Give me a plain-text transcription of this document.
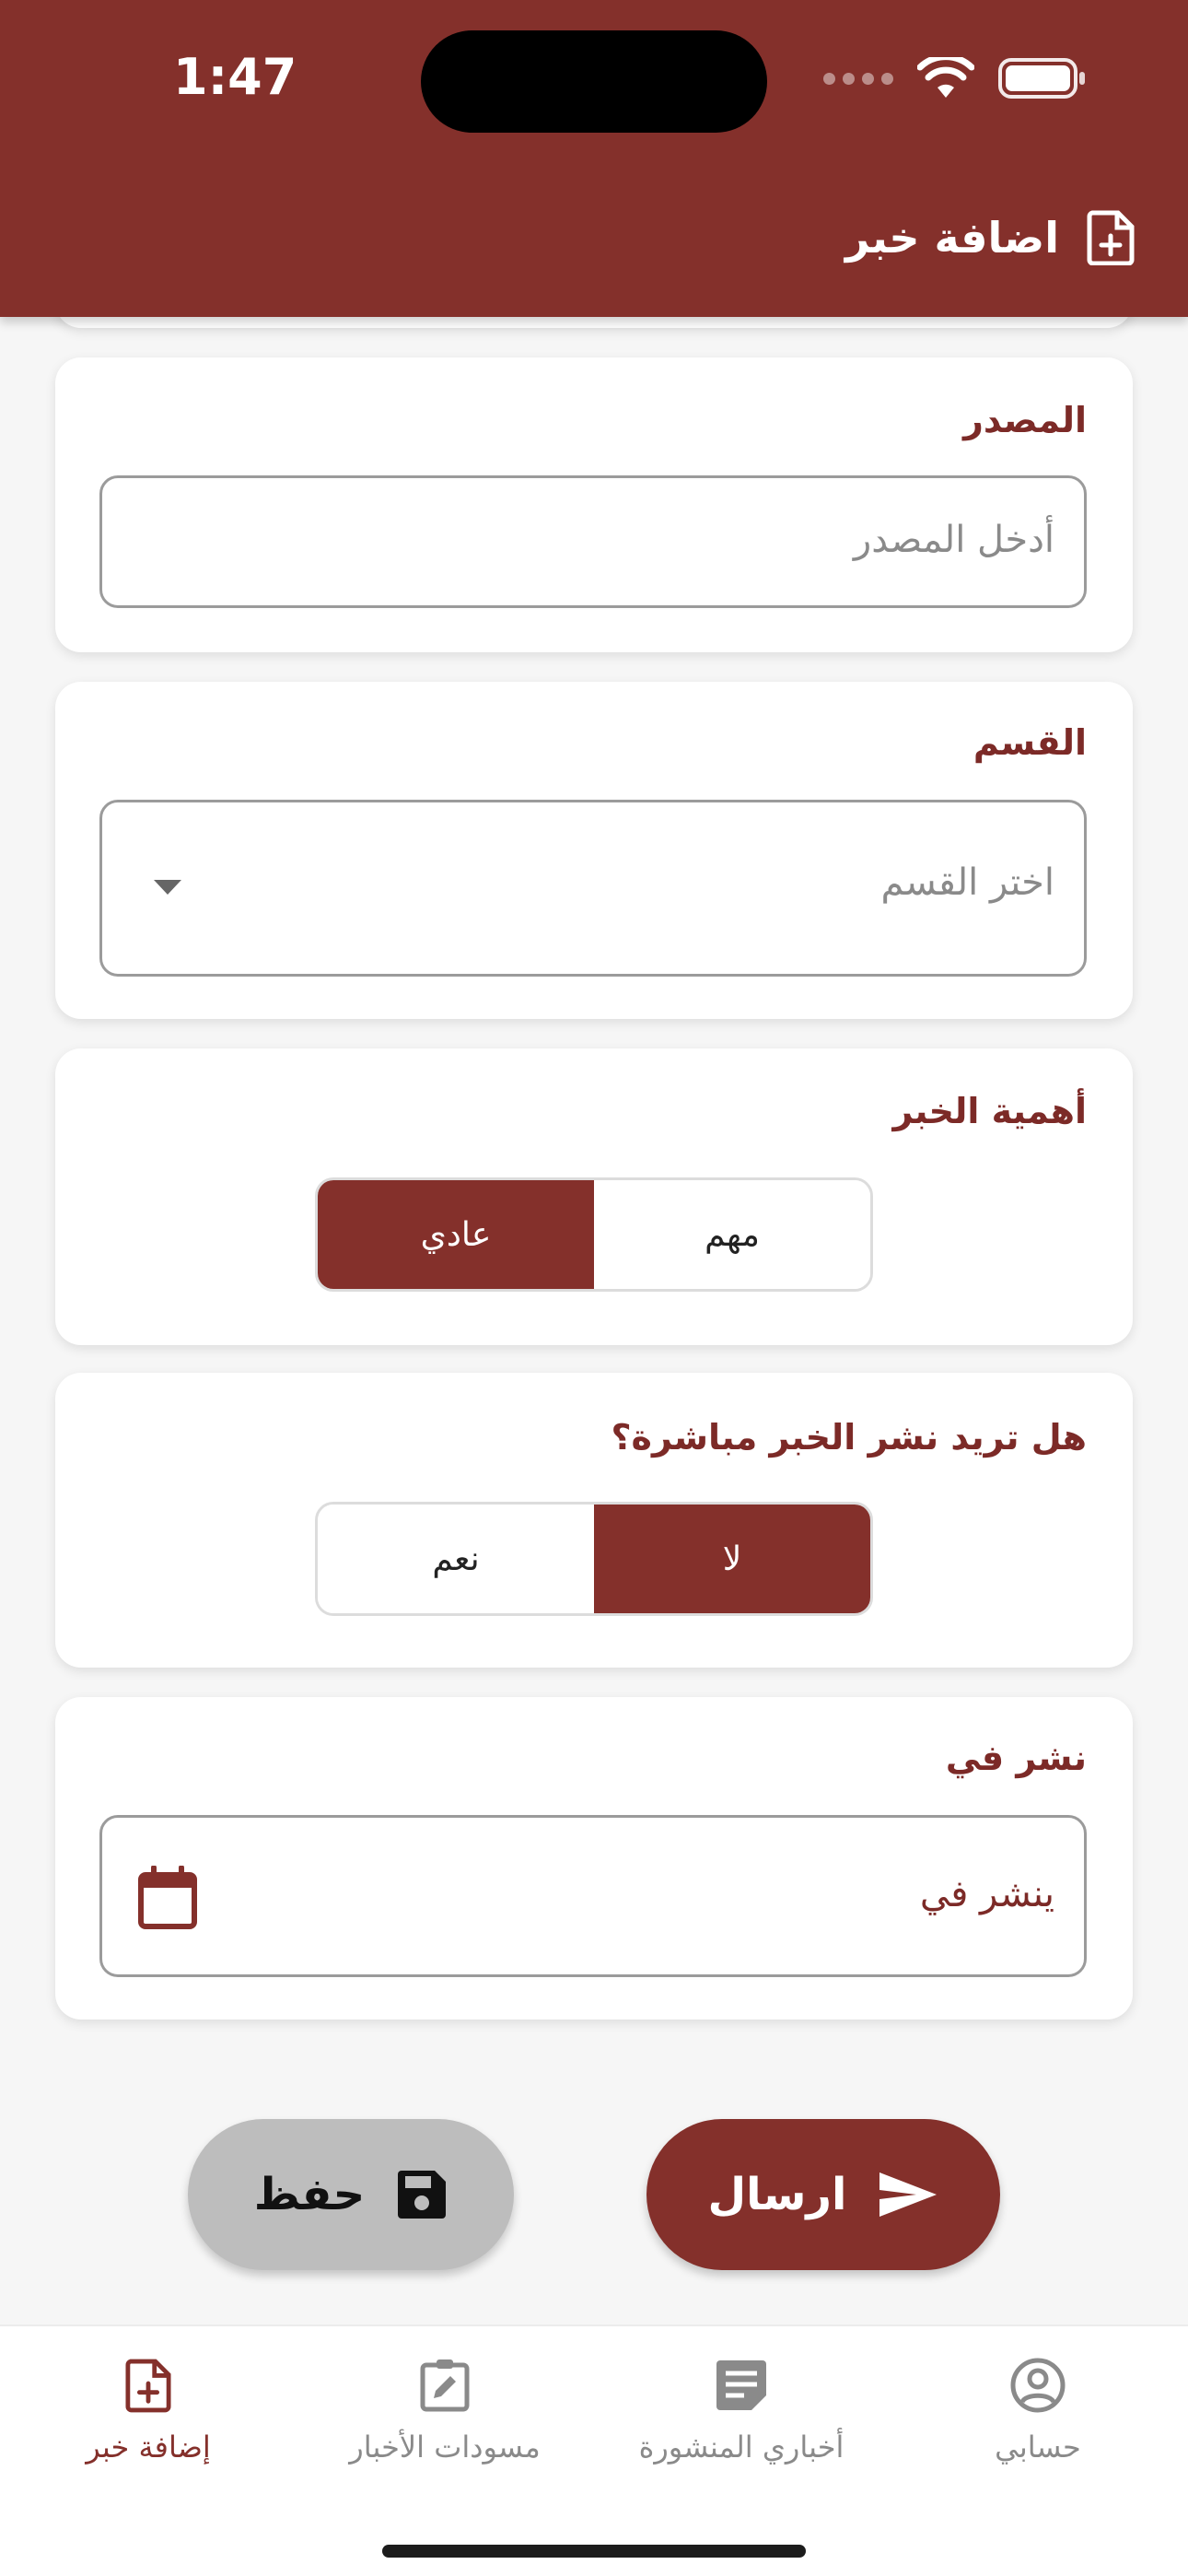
1:47
اضافة خبر
المصدر
أدخل المصدر
القسم
اختر القسم
أهمية الخبر
عادي	مهم
هل تريد نشر الخبر مباشرة؟
لا
نعم
نشر في
ينشر في
ارسال
حفظ
إضافة خبر	مسودات الأخبار	أخباري المنشورة	حسابي
